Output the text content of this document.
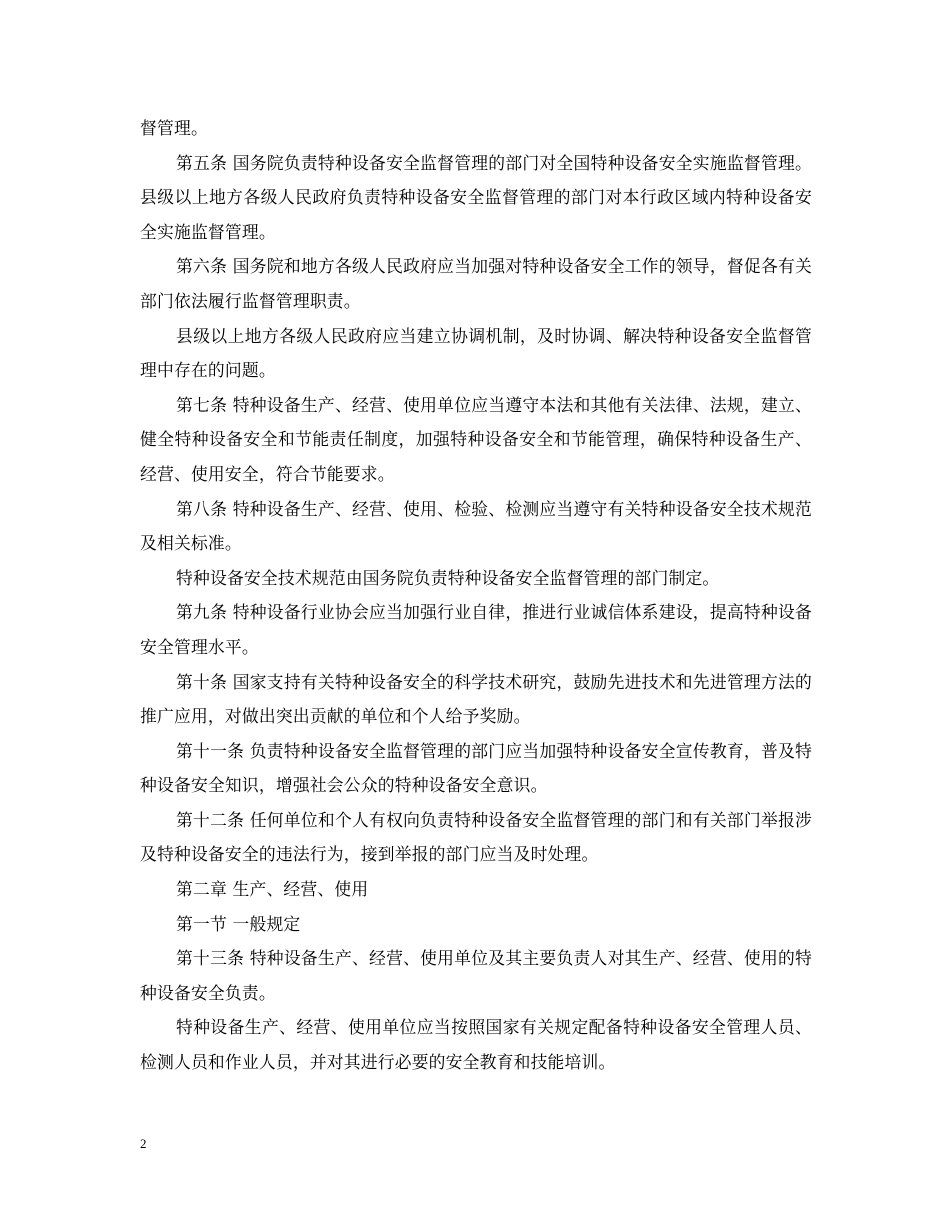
督管理。

第五条 国务院负责特种设备安全监督管理的部门对全国特种设备安全实施监督管理。县级以上地方各级人民政府负责特种设备安全监督管理的部门对本行政区域内特种设备安全实施监督管理。

第六条 国务院和地方各级人民政府应当加强对特种设备安全工作的领导，督促各有关部门依法履行监督管理职责。

县级以上地方各级人民政府应当建立协调机制，及时协调、解决特种设备安全监督管理中存在的问题。

第七条 特种设备生产、经营、使用单位应当遵守本法和其他有关法律、法规，建立、健全特种设备安全和节能责任制度，加强特种设备安全和节能管理，确保特种设备生产、经营、使用安全，符合节能要求。

第八条 特种设备生产、经营、使用、检验、检测应当遵守有关特种设备安全技术规范及相关标准。

特种设备安全技术规范由国务院负责特种设备安全监督管理的部门制定。

第九条 特种设备行业协会应当加强行业自律，推进行业诚信体系建设，提高特种设备安全管理水平。

第十条 国家支持有关特种设备安全的科学技术研究，鼓励先进技术和先进管理方法的推广应用，对做出突出贡献的单位和个人给予奖励。

第十一条 负责特种设备安全监督管理的部门应当加强特种设备安全宣传教育，普及特种设备安全知识，增强社会公众的特种设备安全意识。

第十二条 任何单位和个人有权向负责特种设备安全监督管理的部门和有关部门举报涉及特种设备安全的违法行为，接到举报的部门应当及时处理。

第二章 生产、经营、使用

第一节 一般规定

第十三条 特种设备生产、经营、使用单位及其主要负责人对其生产、经营、使用的特种设备安全负责。

特种设备生产、经营、使用单位应当按照国家有关规定配备特种设备安全管理人员、检测人员和作业人员，并对其进行必要的安全教育和技能培训。

2
